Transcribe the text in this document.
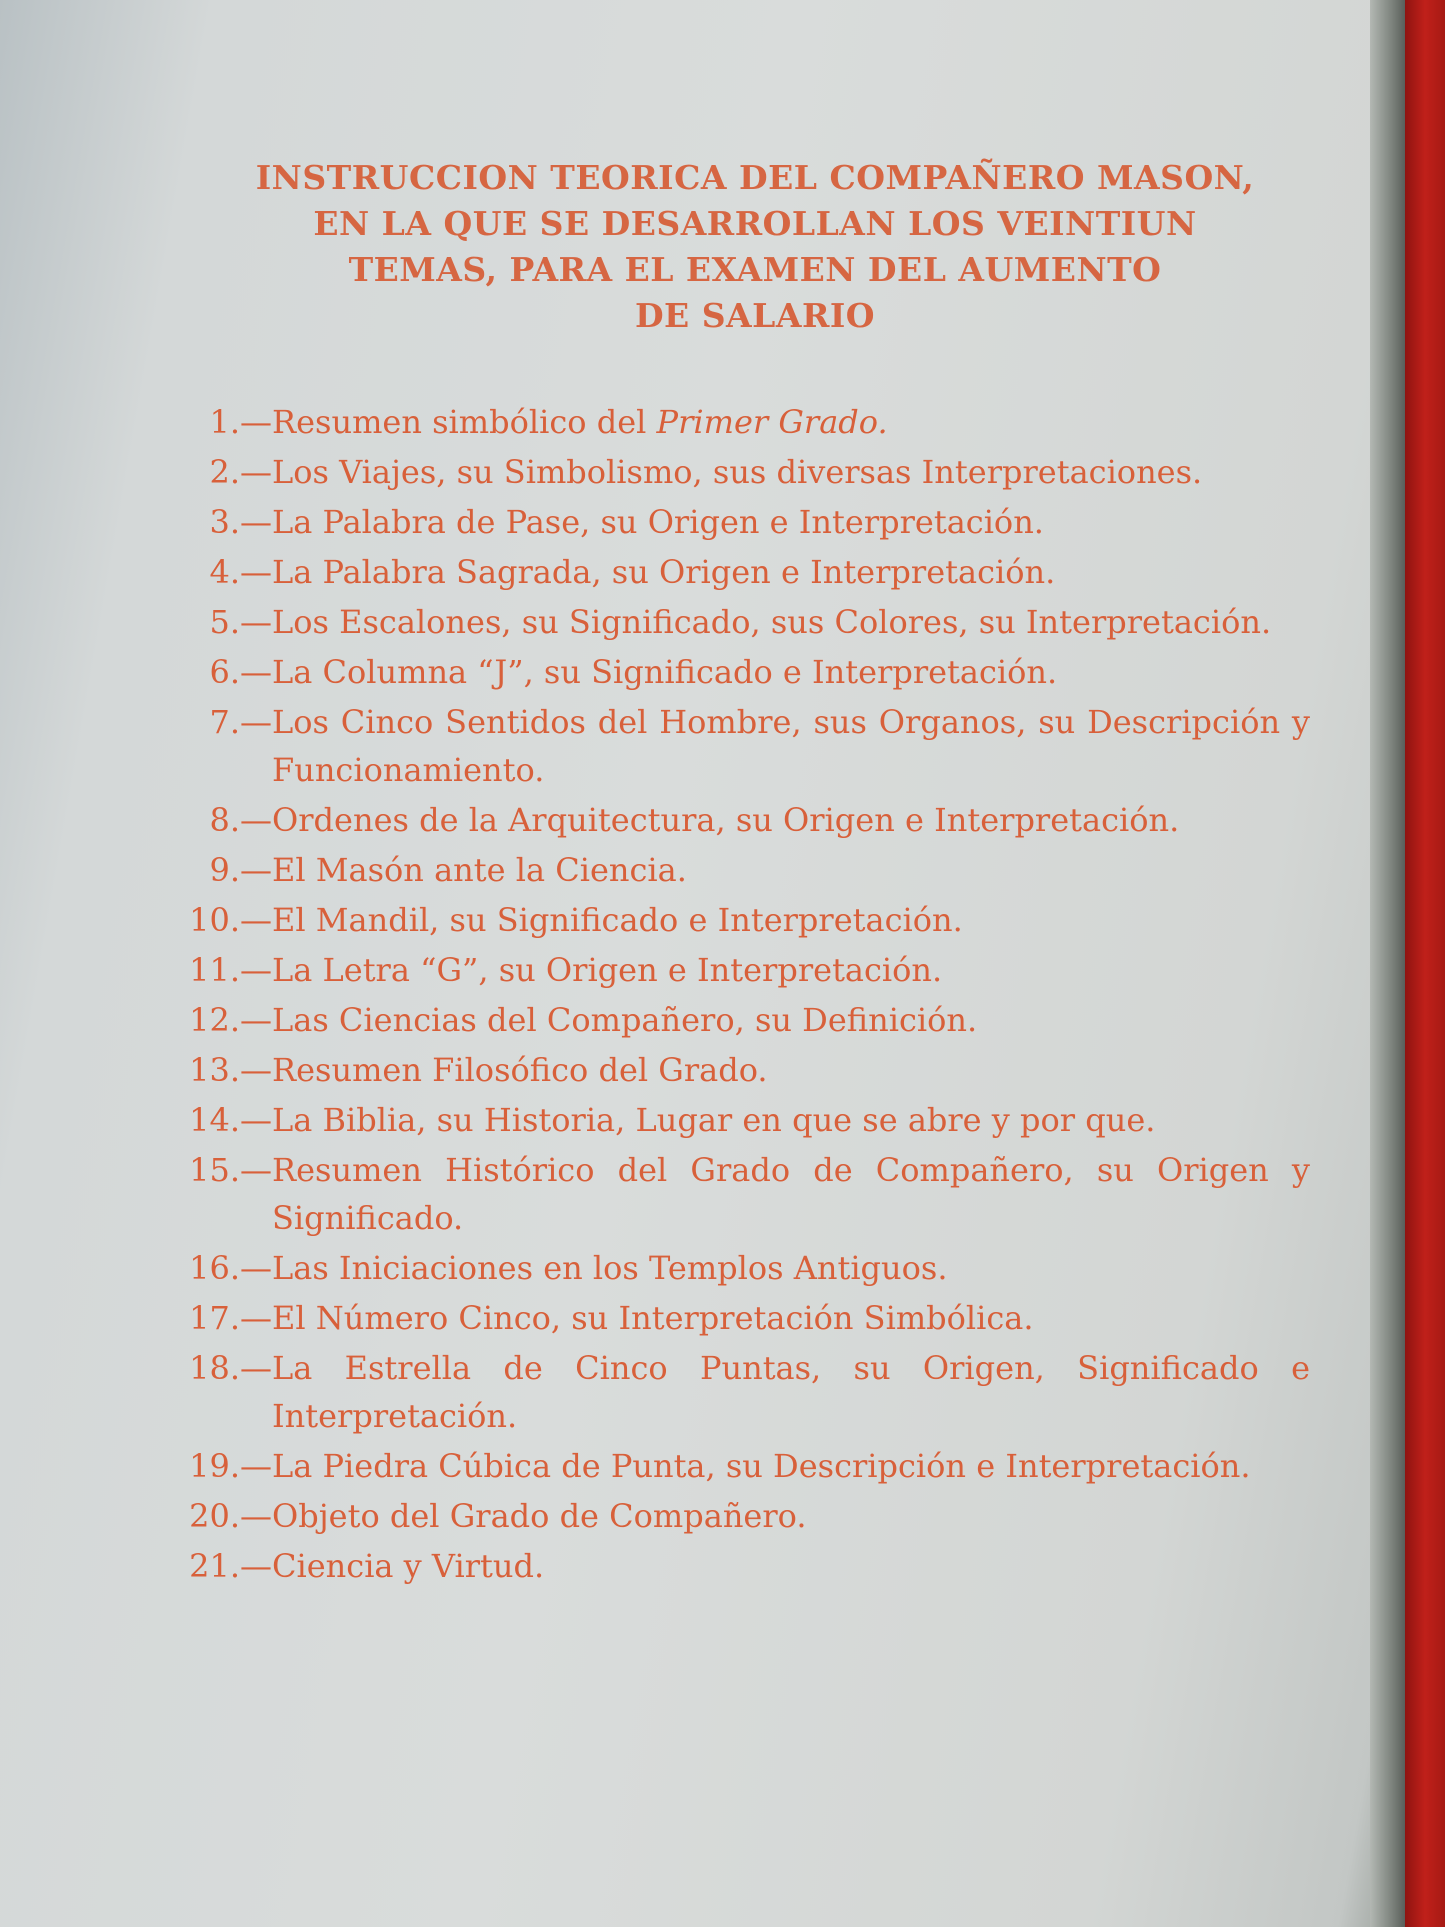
INSTRUCCION TEORICA DEL COMPAÑERO MASON,
EN LA QUE SE DESARROLLAN LOS VEINTIUN
TEMAS, PARA EL EXAMEN DEL AUMENTO
DE SALARIO
1.— Resumen simbólico del Primer Grado.
2.— Los Viajes, su Simbolismo, sus diversas Interpretaciones.
3.— La Palabra de Pase, su Origen e Interpretación.
4.— La Palabra Sagrada, su Origen e Interpretación.
5.— Los Escalones, su Significado, sus Colores, su Interpretación.
6.— La Columna “J”, su Significado e Interpretación.
7.— Los Cinco Sentidos del Hombre, sus Organos, su Descripción y Funcionamiento.
8.— Ordenes de la Arquitectura, su Origen e Interpretación.
9.— El Masón ante la Ciencia.
10.— El Mandil, su Significado e Interpretación.
11.— La Letra “G”, su Origen e Interpretación.
12.— Las Ciencias del Compañero, su Definición.
13.— Resumen Filosófico del Grado.
14.— La Biblia, su Historia, Lugar en que se abre y por que.
15.— Resumen Histórico del Grado de Compañero, su Origen y Significado.
16.— Las Iniciaciones en los Templos Antiguos.
17.— El Número Cinco, su Interpretación Simbólica.
18.— La Estrella de Cinco Puntas, su Origen, Significado e Interpretación.
19.— La Piedra Cúbica de Punta, su Descripción e Interpretación.
20.— Objeto del Grado de Compañero.
21.— Ciencia y Virtud.
